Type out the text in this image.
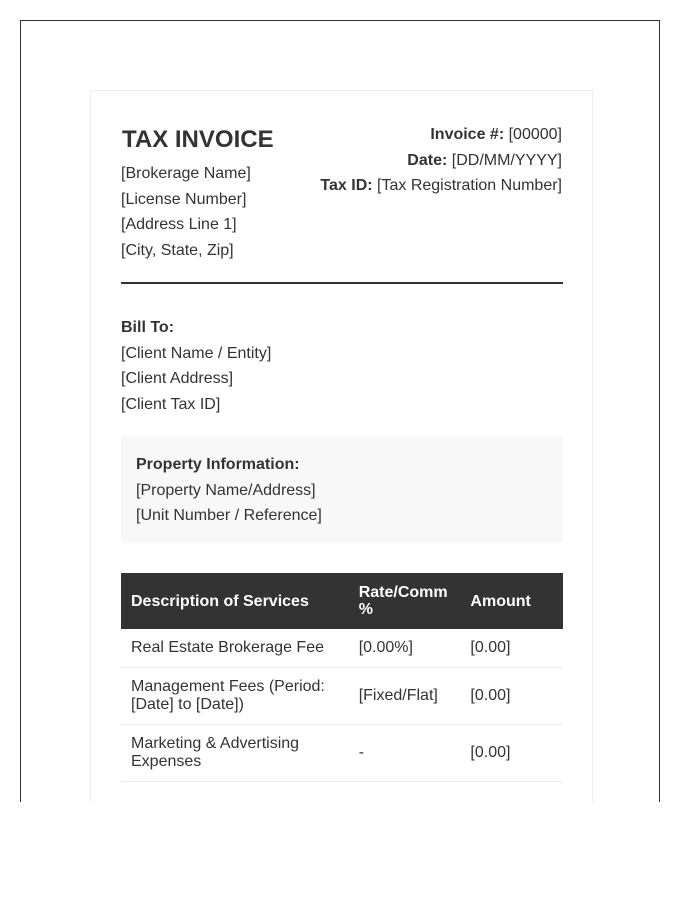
TAX INVOICE
[Brokerage Name]
[License Number]
[Address Line 1]
[City, State, Zip]
Invoice #: [00000]
Date: [DD/MM/YYYY]
Tax ID: [Tax Registration Number]
Bill To:
[Client Name / Entity]
[Client Address]
[Client Tax ID]
Property Information:
[Property Name/Address]
[Unit Number / Reference]
Description of Services	Rate/Comm %	Amount
Real Estate Brokerage Fee	[0.00%]	[0.00]
Management Fees (Period: [Date] to [Date])	[Fixed/Flat]	[0.00]
Marketing & Advertising Expenses	-	[0.00]
